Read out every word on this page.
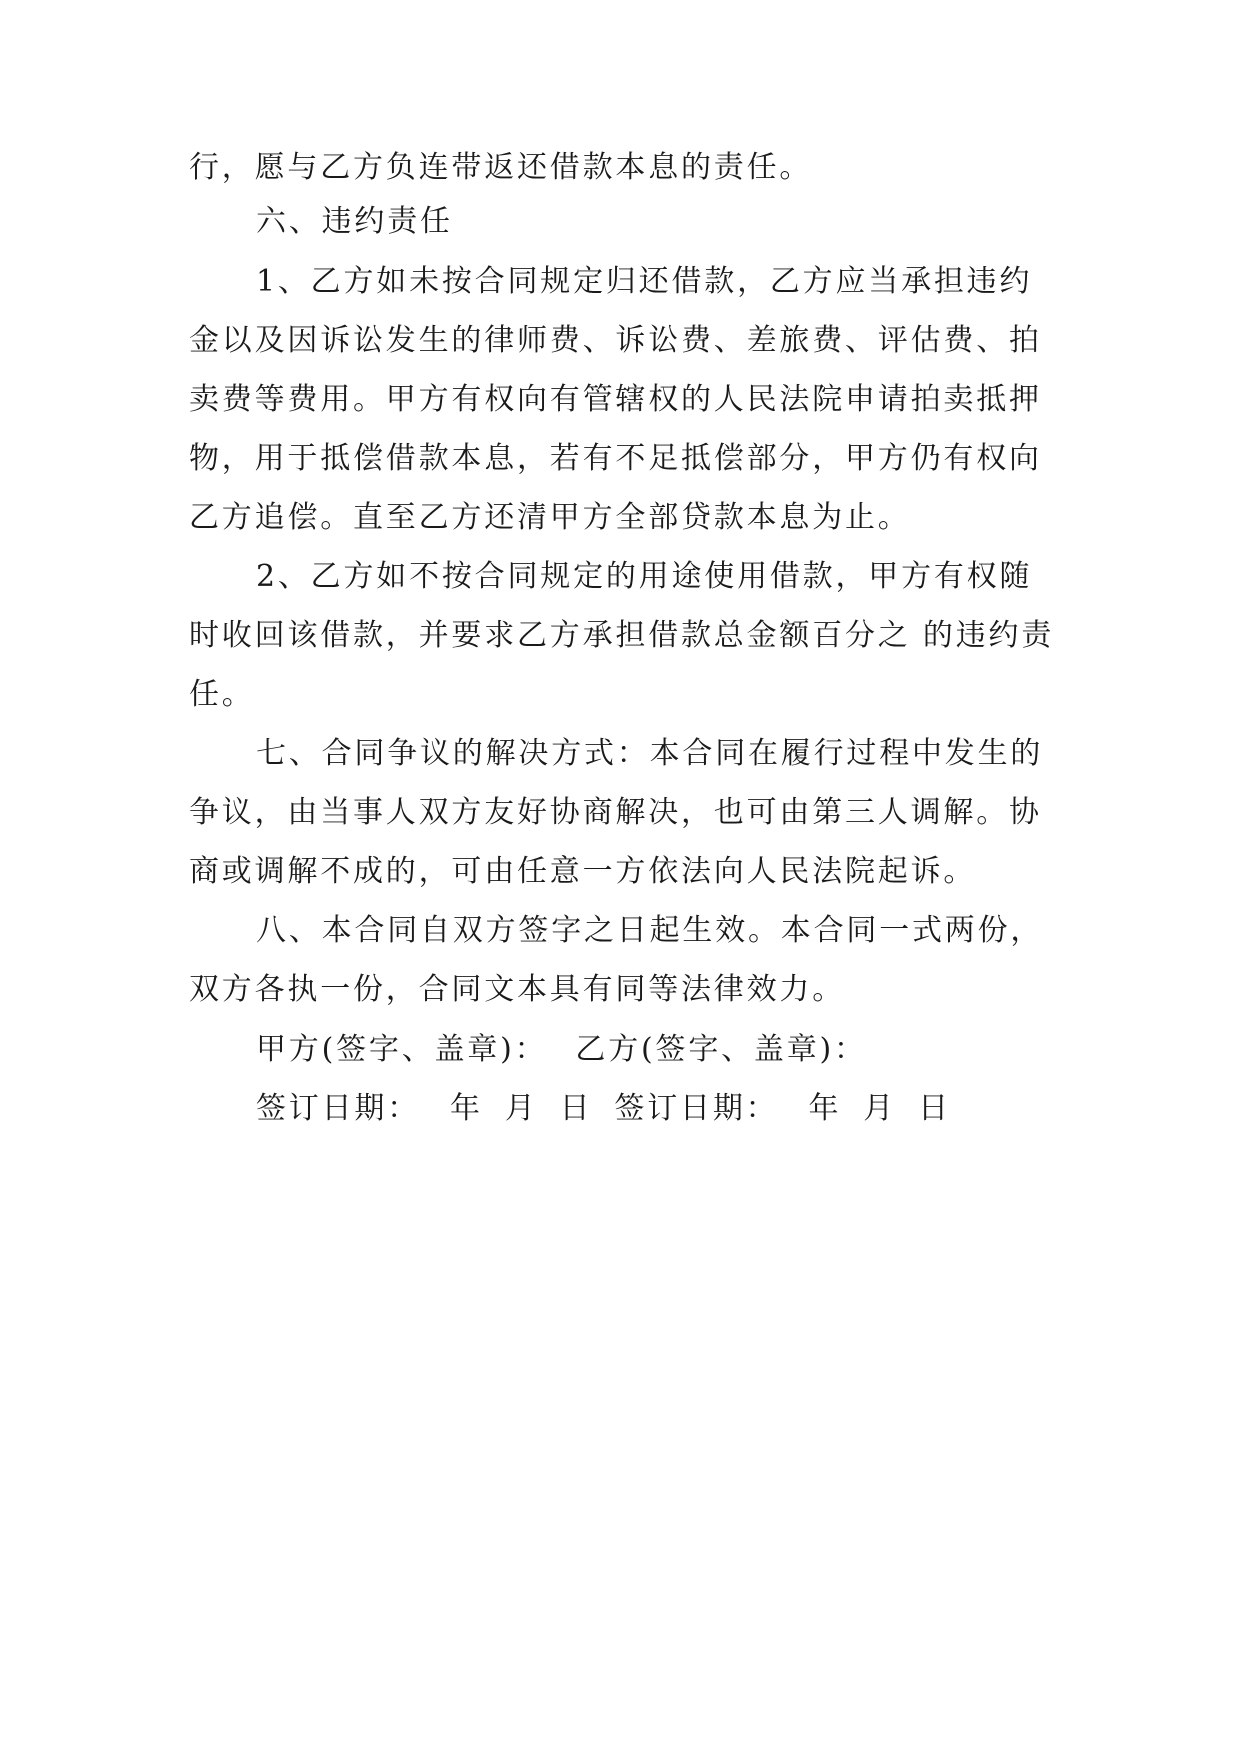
行，愿与乙方负连带返还借款本息的责任。
六、违约责任
1、乙方如未按合同规定归还借款，乙方应当承担违约
金以及因诉讼发生的律师费、诉讼费、差旅费、评估费、拍
卖费等费用。甲方有权向有管辖权的人民法院申请拍卖抵押
物，用于抵偿借款本息，若有不足抵偿部分，甲方仍有权向
乙方追偿。直至乙方还清甲方全部贷款本息为止。
2、乙方如不按合同规定的用途使用借款，甲方有权随
时收回该借款，并要求乙方承担借款总金额百分之 的违约责
任。
七、合同争议的解决方式：本合同在履行过程中发生的
争议，由当事人双方友好协商解决，也可由第三人调解。协
商或调解不成的，可由任意一方依法向人民法院起诉。
八、本合同自双方签字之日起生效。本合同一式两份，
双方各执一份，合同文本具有同等法律效力。
甲方(签字、盖章)： 乙方(签字、盖章)：
签订日期： 年 月 日 签订日期： 年 月 日
